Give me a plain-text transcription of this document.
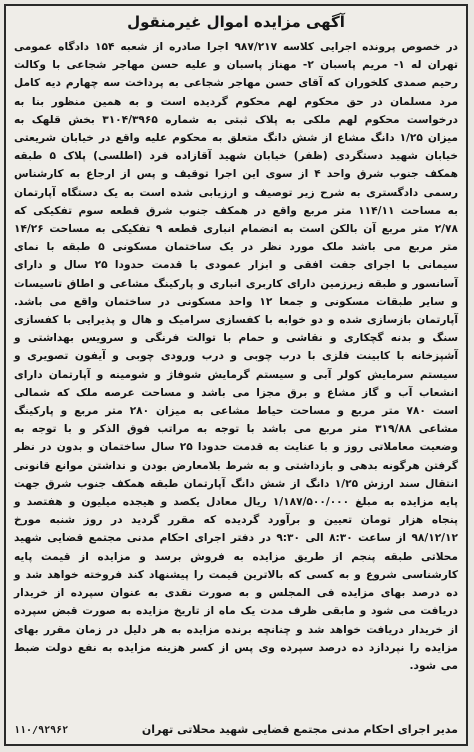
آگهی مزایده اموال غیرمنقول

در خصوص پرونده اجرایی کلاسه ۹۸۷/۲۱۷ اجرا صادره از شعبه ۱۵۴ دادگاه عمومی تهران له ۱- مریم پاسبان ۲- مهناز پاسبان و علیه حسن مهاجر شجاعی با وکالت رحیم صمدی کلخوران که آقای حسن مهاجر شجاعی به پرداخت سه چهارم دیه کامل مرد مسلمان در حق محکوم لهم محکوم گردیده است و به همین منظور بنا به درخواست محکوم لهم ملکی به پلاک ثبتی به شماره ۳۱۰۴/۳۹۶۵ بخش قلهک به میزان ۱/۲۵ دانگ مشاع از شش دانگ متعلق به محکوم علیه واقع در خیابان شریعتی خیابان شهید دستگردی (ظفر) خیابان شهید آقازاده فرد (اطلسی) پلاک ۵ طبقه همکف جنوب شرق واحد ۴ از سوی این اجرا توقیف و پس از ارجاع به کارشناس رسمی دادگستری به شرح زیر توصیف و ارزیابی شده است به یک دستگاه آپارتمان به مساحت ۱۱۴/۱۱ متر مربع واقع در همکف جنوب شرق قطعه سوم تفکیکی که ۲/۷۸ متر مربع آن بالکن است به انضمام انباری قطعه ۹ تفکیکی به مساحت ۱۴/۲۶ متر مربع می باشد ملک مورد نظر در یک ساختمان مسکونی ۵ طبقه با نمای سیمانی با اجرای جفت افقی و ابزار عمودی با قدمت حدودا ۲۵ سال و دارای آسانسور و طبقه زیرزمین دارای کاربری انباری و پارکینگ مشاعی و اطاق تاسیسات و سایر طبقات مسکونی و جمعا ۱۲ واحد مسکونی در ساختمان واقع می باشد. آپارتمان بازسازی شده و دو خوابه با کفسازی سرامیک و هال و پذیرایی با کفسازی سنگ و بدنه گچکاری و نقاشی و حمام با توالت فرنگی و سرویس بهداشتی و آشپزخانه با کابینت فلزی با درب چوبی و درب ورودی چوبی و آیفون تصویری و سیستم سرمایش کولر آبی و سیستم گرمایش شوفاژ و شومینه و آپارتمان دارای انشعاب آب و گاز مشاع و برق مجزا می باشد و مساحت عرصه ملک که شمالی است ۷۸۰ متر مربع و مساحت حیاط مشاعی به میزان ۲۸۰ متر مربع و پارکینگ مشاعی ۳۱۹/۸۸ متر مربع می باشد با توجه به مراتب فوق الذکر و با توجه به وضعیت معاملاتی روز و با عنایت به قدمت حدودا ۲۵ سال ساختمان و بدون در نظر گرفتن هرگونه بدهی و بازداشتی و به شرط بلامعارض بودن و نداشتن موانع قانونی انتقال سند ارزش ۱/۲۵ دانگ از شش دانگ آپارتمان طبقه همکف جنوب شرق جهت پایه مزایده به مبلغ ۱/۱۸۷/۵۰۰/۰۰۰ ریال معادل یکصد و هیجده میلیون و هفتصد و پنجاه هزار تومان تعیین و برآورد گردیده که مقرر گردید در روز شنبه مورخ ۹۸/۱۲/۱۲ از ساعت ۸:۳۰ الی ۹:۳۰ در دفتر اجرای احکام مدنی مجتمع قضایی شهید محلاتی طبقه پنجم از طریق مزایده به فروش برسد و مزایده از قیمت پایه کارشناسی شروع و به کسی که بالاترین قیمت را پیشنهاد کند فروخته خواهد شد و ده درصد بهای مزایده فی المجلس و به صورت نقدی به عنوان سپرده از خریدار دریافت می شود و مابقی ظرف مدت یک ماه از تاریخ مزایده به صورت قبض سپرده از خریدار دریافت خواهد شد و چنانچه برنده مزایده به هر دلیل در زمان مقرر بهای مزایده را نپردازد ده درصد سپرده وی پس از کسر هزینه مزایده به نفع دولت ضبط می شود.

مدیر اجرای احکام مدنی مجتمع قضایی شهید محلاتی تهران
۱۱۰/۹۲۹۶۲
